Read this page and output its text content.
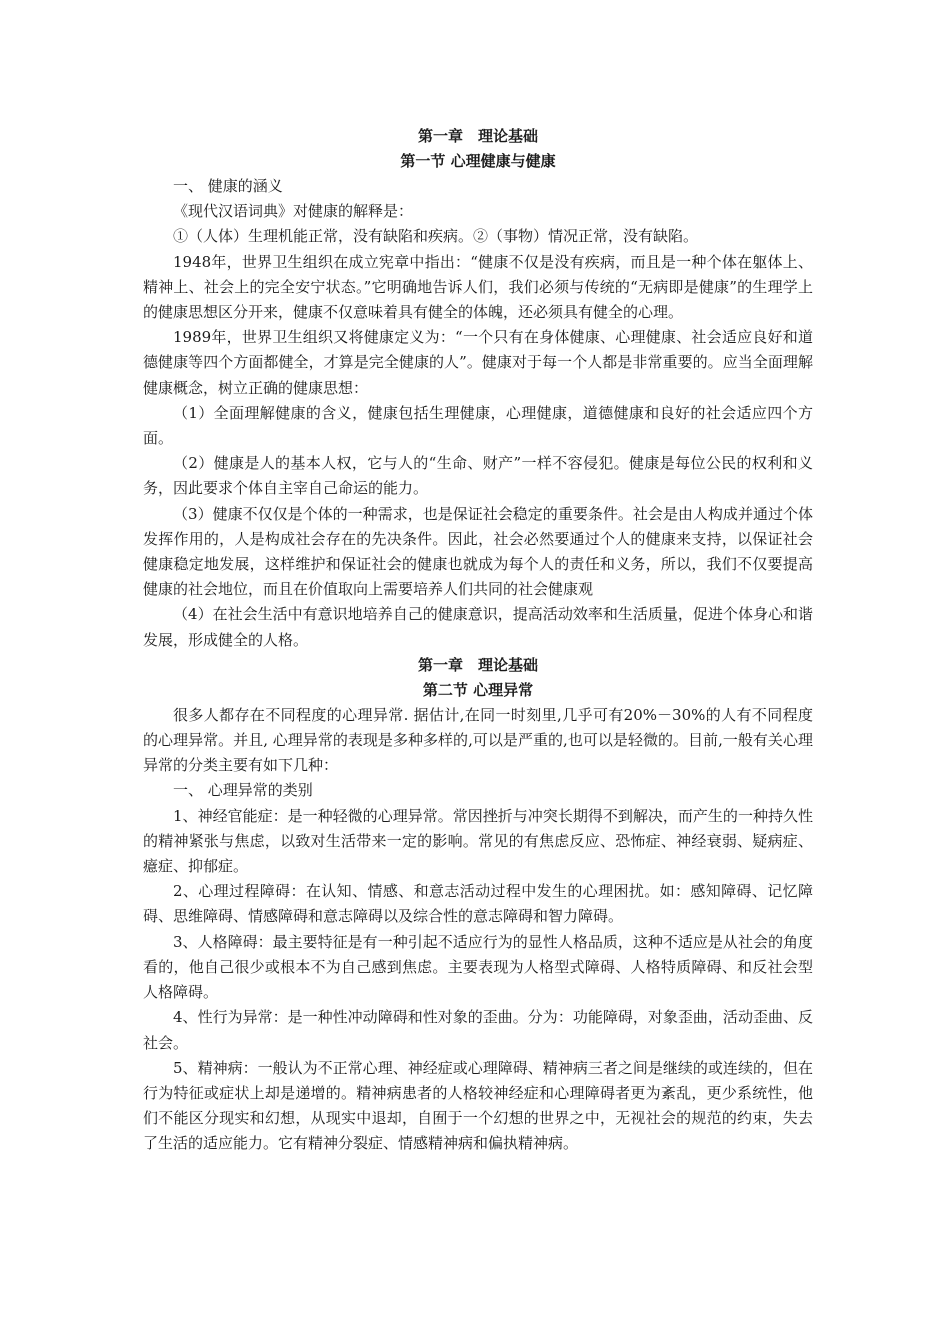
第一章　理论基础

第一节 心理健康与健康

一、 健康的涵义

《现代汉语词典》对健康的解释是：

①（人体）生理机能正常，没有缺陷和疾病。②（事物）情况正常，没有缺陷。

1948年，世界卫生组织在成立宪章中指出：“健康不仅是没有疾病，而且是一种个体在躯体上、精神上、社会上的完全安宁状态。”它明确地告诉人们，我们必须与传统的“无病即是健康”的生理学上的健康思想区分开来，健康不仅意味着具有健全的体魄，还必须具有健全的心理。

1989年，世界卫生组织又将健康定义为：“一个只有在身体健康、心理健康、社会适应良好和道德健康等四个方面都健全，才算是完全健康的人”。健康对于每一个人都是非常重要的。应当全面理解健康概念，树立正确的健康思想：

（1）全面理解健康的含义，健康包括生理健康，心理健康，道德健康和良好的社会适应四个方面。

（2）健康是人的基本人权，它与人的“生命、财产”一样不容侵犯。健康是每位公民的权利和义务，因此要求个体自主宰自己命运的能力。

（3）健康不仅仅是个体的一种需求，也是保证社会稳定的重要条件。社会是由人构成并通过个体发挥作用的，人是构成社会存在的先决条件。因此，社会必然要通过个人的健康来支持，以保证社会健康稳定地发展，这样维护和保证社会的健康也就成为每个人的责任和义务，所以，我们不仅要提高健康的社会地位，而且在价值取向上需要培养人们共同的社会健康观

（4）在社会生活中有意识地培养自己的健康意识，提高活动效率和生活质量，促进个体身心和谐发展，形成健全的人格。

第一章　理论基础

第二节 心理异常

很多人都存在不同程度的心理异常. 据估计,在同一时刻里,几乎可有20%－30%的人有不同程度的心理异常。并且, 心理异常的表现是多种多样的,可以是严重的,也可以是轻微的。目前,一般有关心理异常的分类主要有如下几种：

一、 心理异常的类别

1、神经官能症：是一种轻微的心理异常。常因挫折与冲突长期得不到解决，而产生的一种持久性的精神紧张与焦虑，以致对生活带来一定的影响。常见的有焦虑反应、恐怖症、神经衰弱、疑病症、癔症、抑郁症。

2、心理过程障碍：在认知、情感、和意志活动过程中发生的心理困扰。如：感知障碍、记忆障碍、思维障碍、情感障碍和意志障碍以及综合性的意志障碍和智力障碍。

3、人格障碍：最主要特征是有一种引起不适应行为的显性人格品质，这种不适应是从社会的角度看的，他自己很少或根本不为自己感到焦虑。主要表现为人格型式障碍、人格特质障碍、和反社会型人格障碍。

4、性行为异常：是一种性冲动障碍和性对象的歪曲。分为：功能障碍，对象歪曲，活动歪曲、反社会。

5、精神病：一般认为不正常心理、神经症或心理障碍、精神病三者之间是继续的或连续的，但在行为特征或症状上却是递增的。精神病患者的人格较神经症和心理障碍者更为紊乱，更少系统性，他们不能区分现实和幻想，从现实中退却，自囿于一个幻想的世界之中，无视社会的规范的约束，失去了生活的适应能力。它有精神分裂症、情感精神病和偏执精神病。
